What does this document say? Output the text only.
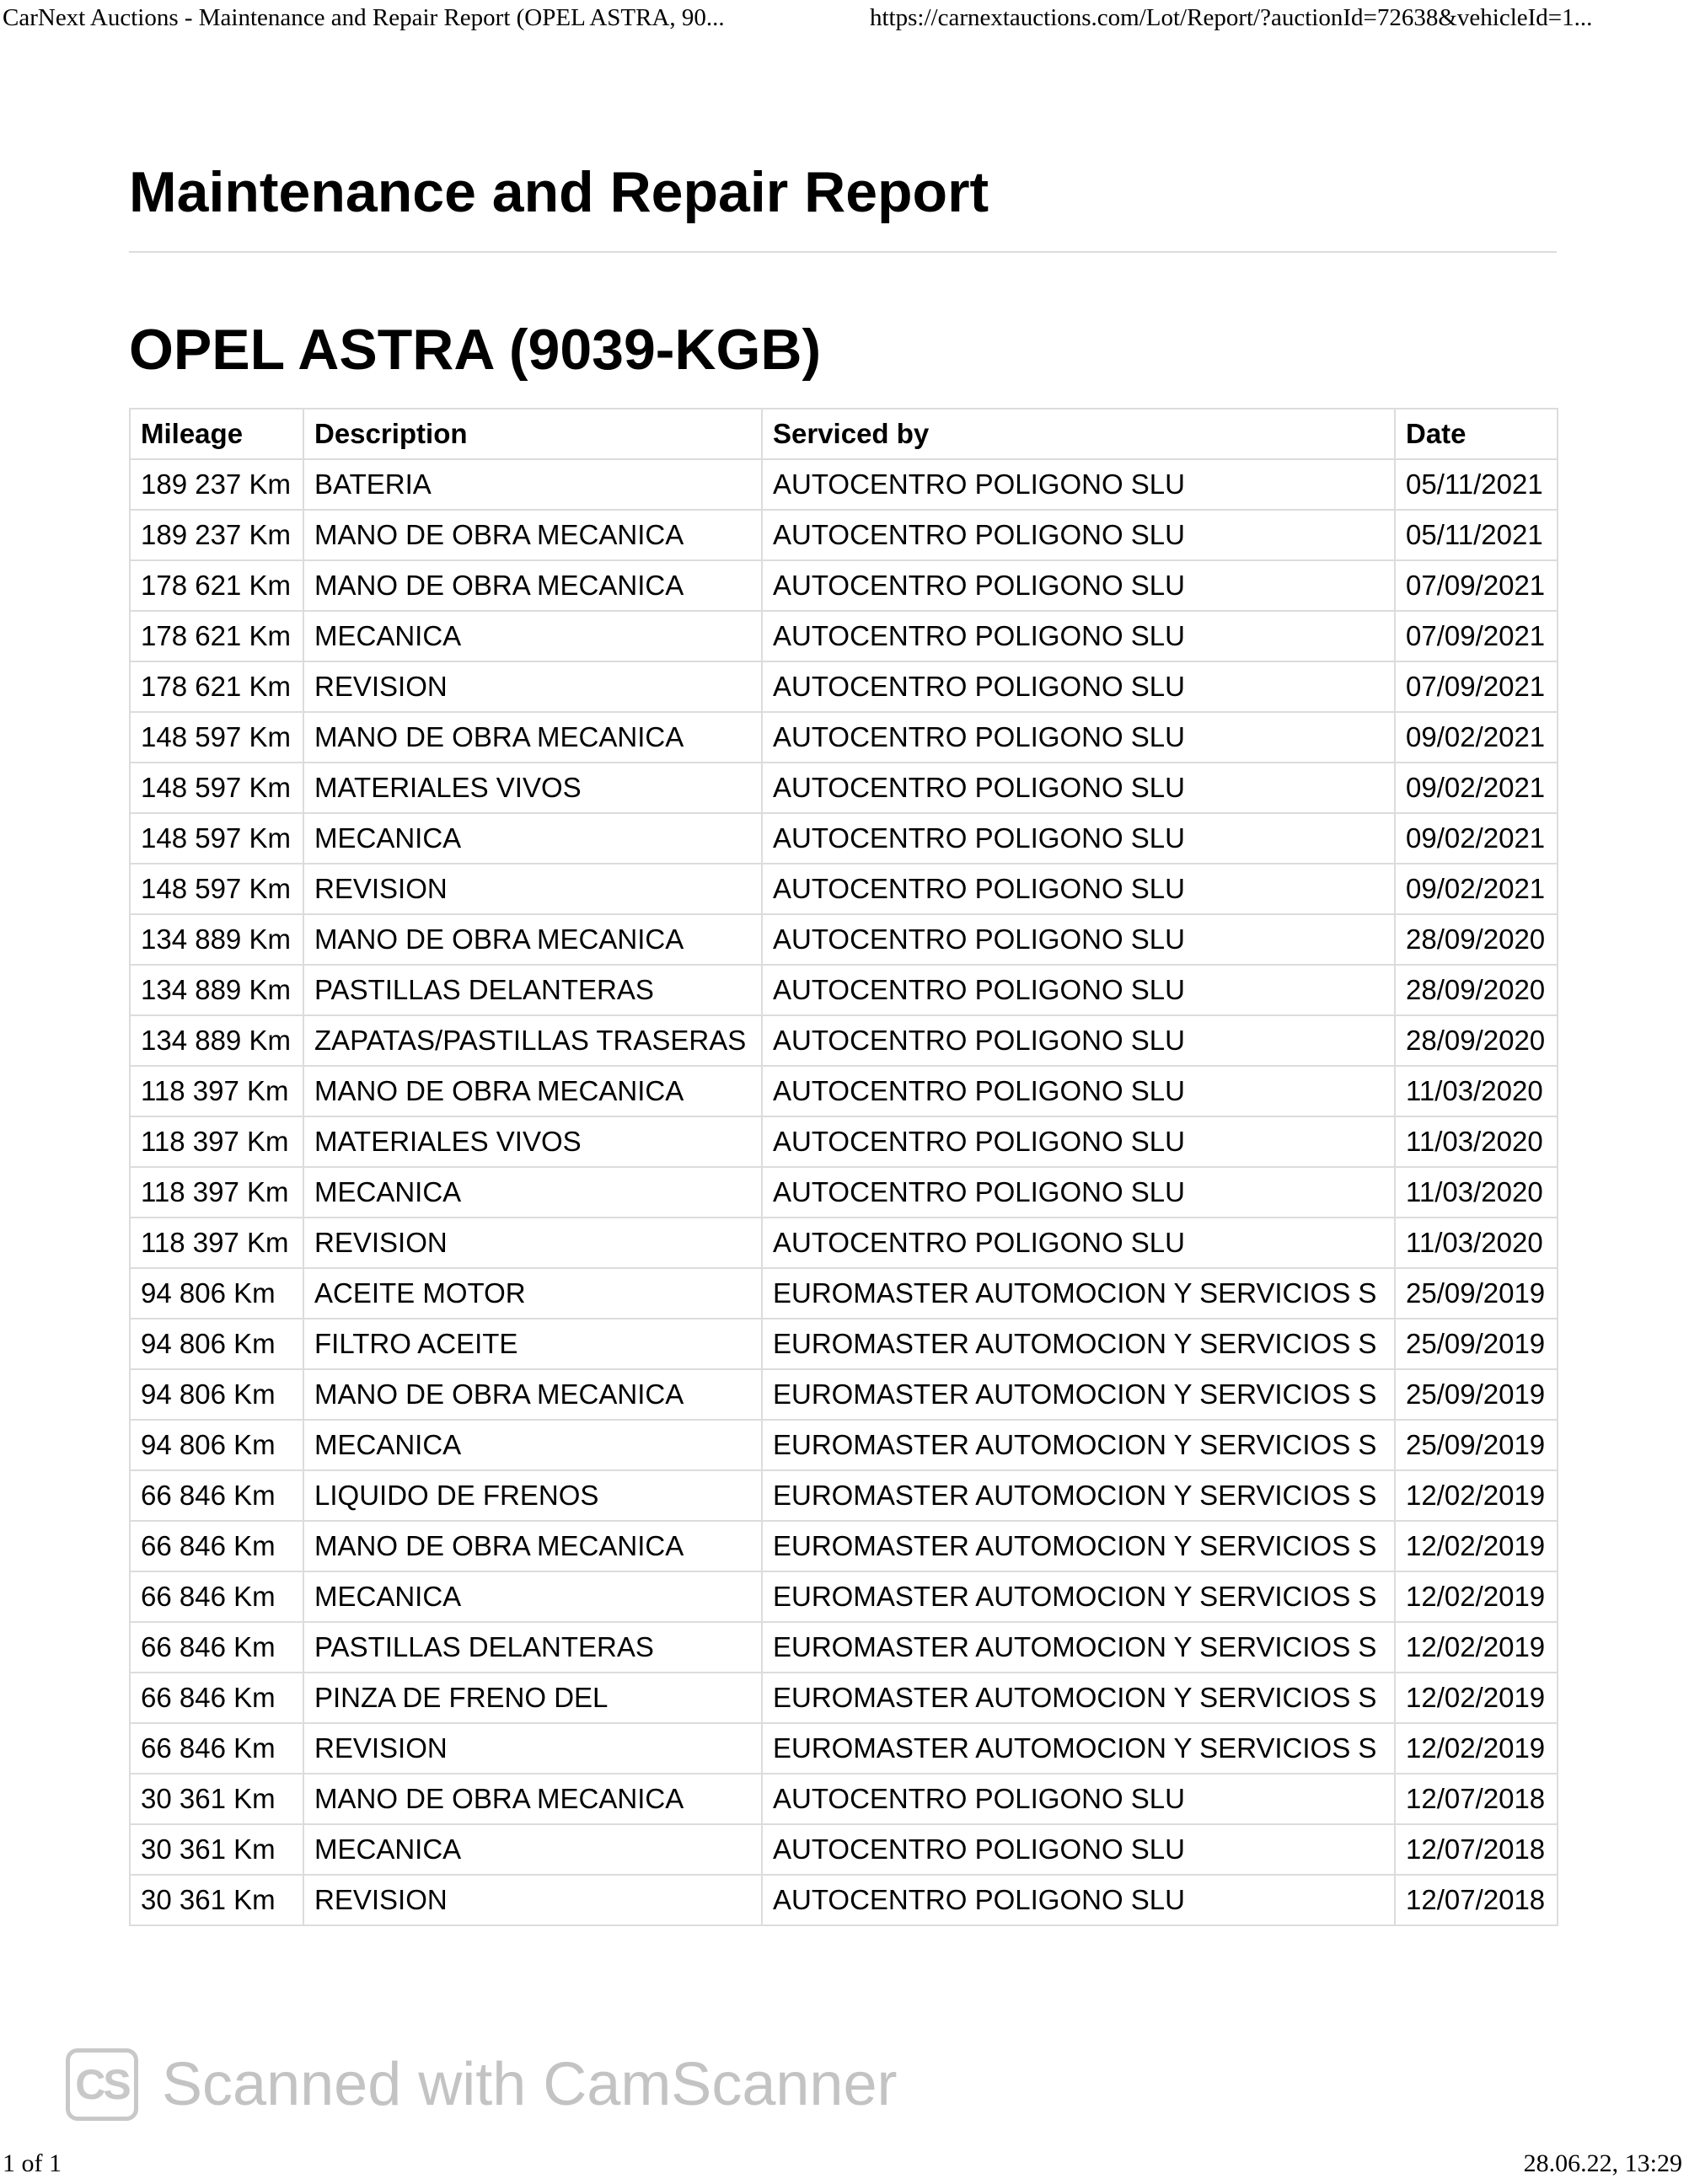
CarNext Auctions - Maintenance and Repair Report (OPEL ASTRA, 90...	https://carnextauctions.com/Lot/Report/?auctionId=72638&vehicleId=1...
Maintenance and Repair Report
OPEL ASTRA (9039-KGB)
Mileage	Description	Serviced by	Date
189 237 Km	BATERIA	AUTOCENTRO POLIGONO SLU	05/11/2021
189 237 Km	MANO DE OBRA MECANICA	AUTOCENTRO POLIGONO SLU	05/11/2021
178 621 Km	MANO DE OBRA MECANICA	AUTOCENTRO POLIGONO SLU	07/09/2021
178 621 Km	MECANICA	AUTOCENTRO POLIGONO SLU	07/09/2021
178 621 Km	REVISION	AUTOCENTRO POLIGONO SLU	07/09/2021
148 597 Km	MANO DE OBRA MECANICA	AUTOCENTRO POLIGONO SLU	09/02/2021
148 597 Km	MATERIALES VIVOS	AUTOCENTRO POLIGONO SLU	09/02/2021
148 597 Km	MECANICA	AUTOCENTRO POLIGONO SLU	09/02/2021
148 597 Km	REVISION	AUTOCENTRO POLIGONO SLU	09/02/2021
134 889 Km	MANO DE OBRA MECANICA	AUTOCENTRO POLIGONO SLU	28/09/2020
134 889 Km	PASTILLAS DELANTERAS	AUTOCENTRO POLIGONO SLU	28/09/2020
134 889 Km	ZAPATAS/PASTILLAS TRASERAS	AUTOCENTRO POLIGONO SLU	28/09/2020
118 397 Km	MANO DE OBRA MECANICA	AUTOCENTRO POLIGONO SLU	11/03/2020
118 397 Km	MATERIALES VIVOS	AUTOCENTRO POLIGONO SLU	11/03/2020
118 397 Km	MECANICA	AUTOCENTRO POLIGONO SLU	11/03/2020
118 397 Km	REVISION	AUTOCENTRO POLIGONO SLU	11/03/2020
94 806 Km	ACEITE MOTOR	EUROMASTER AUTOMOCION Y SERVICIOS S	25/09/2019
94 806 Km	FILTRO ACEITE	EUROMASTER AUTOMOCION Y SERVICIOS S	25/09/2019
94 806 Km	MANO DE OBRA MECANICA	EUROMASTER AUTOMOCION Y SERVICIOS S	25/09/2019
94 806 Km	MECANICA	EUROMASTER AUTOMOCION Y SERVICIOS S	25/09/2019
66 846 Km	LIQUIDO DE FRENOS	EUROMASTER AUTOMOCION Y SERVICIOS S	12/02/2019
66 846 Km	MANO DE OBRA MECANICA	EUROMASTER AUTOMOCION Y SERVICIOS S	12/02/2019
66 846 Km	MECANICA	EUROMASTER AUTOMOCION Y SERVICIOS S	12/02/2019
66 846 Km	PASTILLAS DELANTERAS	EUROMASTER AUTOMOCION Y SERVICIOS S	12/02/2019
66 846 Km	PINZA DE FRENO DEL	EUROMASTER AUTOMOCION Y SERVICIOS S	12/02/2019
66 846 Km	REVISION	EUROMASTER AUTOMOCION Y SERVICIOS S	12/02/2019
30 361 Km	MANO DE OBRA MECANICA	AUTOCENTRO POLIGONO SLU	12/07/2018
30 361 Km	MECANICA	AUTOCENTRO POLIGONO SLU	12/07/2018
30 361 Km	REVISION	AUTOCENTRO POLIGONO SLU	12/07/2018
CS Scanned with CamScanner
1 of 1	28.06.22, 13:29
